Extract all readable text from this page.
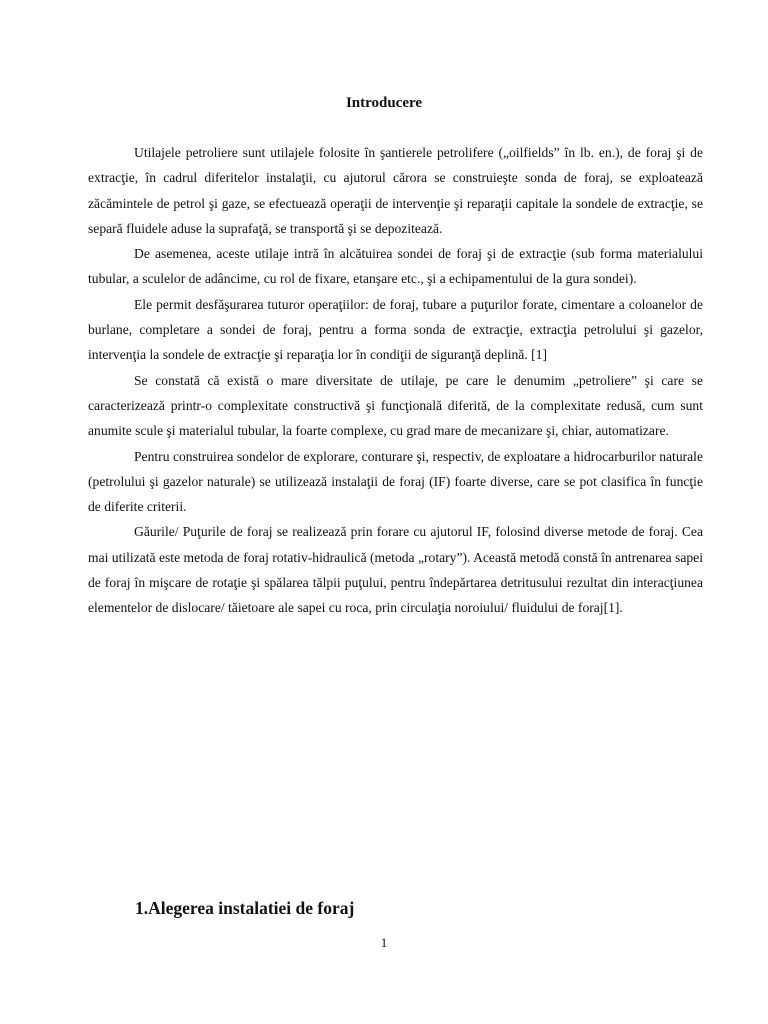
Introducere

Utilajele petroliere sunt utilajele folosite în şantierele petrolifere („oilfields” în lb. en.), de foraj şi de extracţie, în cadrul diferitelor instalaţii, cu ajutorul cărora se construieşte sonda de foraj, se exploatează zăcămintele de petrol şi gaze, se efectuează operaţii de intervenţie şi reparaţii capitale la sondele de extracţie, se separă fluidele aduse la suprafaţă, se transportă şi se depozitează.

De asemenea, aceste utilaje intră în alcătuirea sondei de foraj şi de extracţie (sub forma materialului tubular, a sculelor de adâncime, cu rol de fixare, etanşare etc., şi a echipamentului de la gura sondei).

Ele permit desfăşurarea tuturor operaţiilor: de foraj, tubare a puţurilor forate, cimentare a coloanelor de burlane, completare a sondei de foraj, pentru a forma sonda de extracţie, extracţia petrolului şi gazelor, intervenţia la sondele de extracţie şi reparaţia lor în condiţii de siguranţă deplină. [1]

Se constată că există o mare diversitate de utilaje, pe care le denumim „petroliere” şi care se caracterizează printr-o complexitate constructivă şi funcţională diferită, de la complexitate redusă, cum sunt anumite scule şi materialul tubular, la foarte complexe, cu grad mare de mecanizare şi, chiar, automatizare.

Pentru construirea sondelor de explorare, conturare şi, respectiv, de exploatare a hidrocarburilor naturale (petrolului şi gazelor naturale) se utilizează instalaţii de foraj (IF) foarte diverse, care se pot clasifica în funcţie de diferite criterii.

Găurile/ Puţurile de foraj se realizează prin forare cu ajutorul IF, folosind diverse metode de foraj. Cea mai utilizată este metoda de foraj rotativ-hidraulică (metoda „rotary”). Această metodă constă în antrenarea sapei de foraj în mişcare de rotaţie şi spălarea tălpii puţului, pentru îndepărtarea detritusului rezultat din interacţiunea elementelor de dislocare/ tăietoare ale sapei cu roca, prin circulaţia noroiului/ fluidului de foraj[1].

1.Alegerea instalatiei de foraj
1
